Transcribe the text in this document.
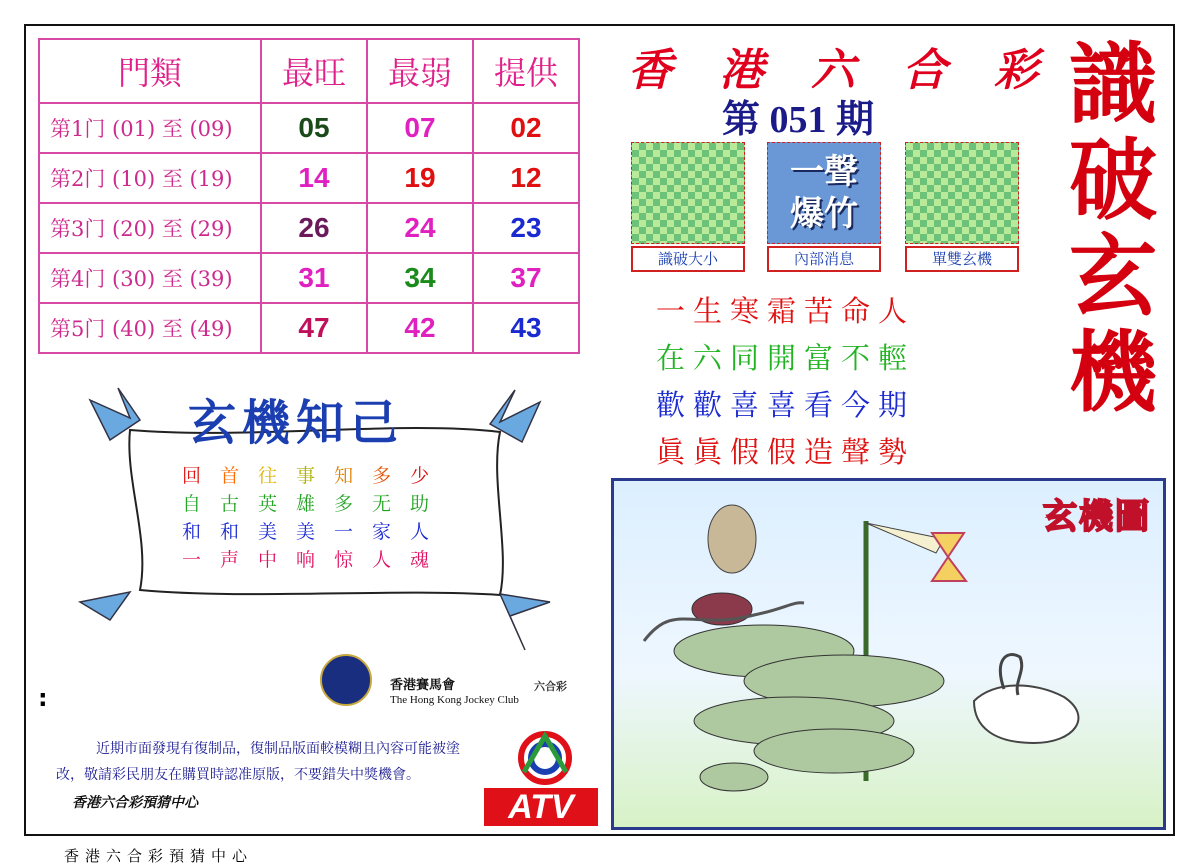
門類	最旺	最弱	提供
第1门 (01) 至 (09)	05	07	02
第2门 (10) 至 (19)	14	19	12
第3门 (20) 至 (29)	26	24	23
第4门 (30) 至 (39)	31	34	37
第5门 (40) 至 (49)	47	42	43
香 港 六 合 彩
第 051 期 識
破
玄
機
識破大小
一聲
爆竹
內部消息	單雙玄機
一生寒霜苦命人
在六同開富不輕
歡歡喜喜看今期
眞眞假假造聲勢
玄機知己
回首往事知多少
自古英雄多无助
和和美美一家人
一声中响惊人魂
:	香港賽馬會
The Hong Kong Jockey Club
六合彩
ATV
近期市面發現有復制品，復制品版面較模糊且內容可能被塗改，敬請彩民朋友在購買時認准原版，不要錯失中獎機會。
香港六合彩預猜中心
玄機圖
香港六合彩預猜中心
